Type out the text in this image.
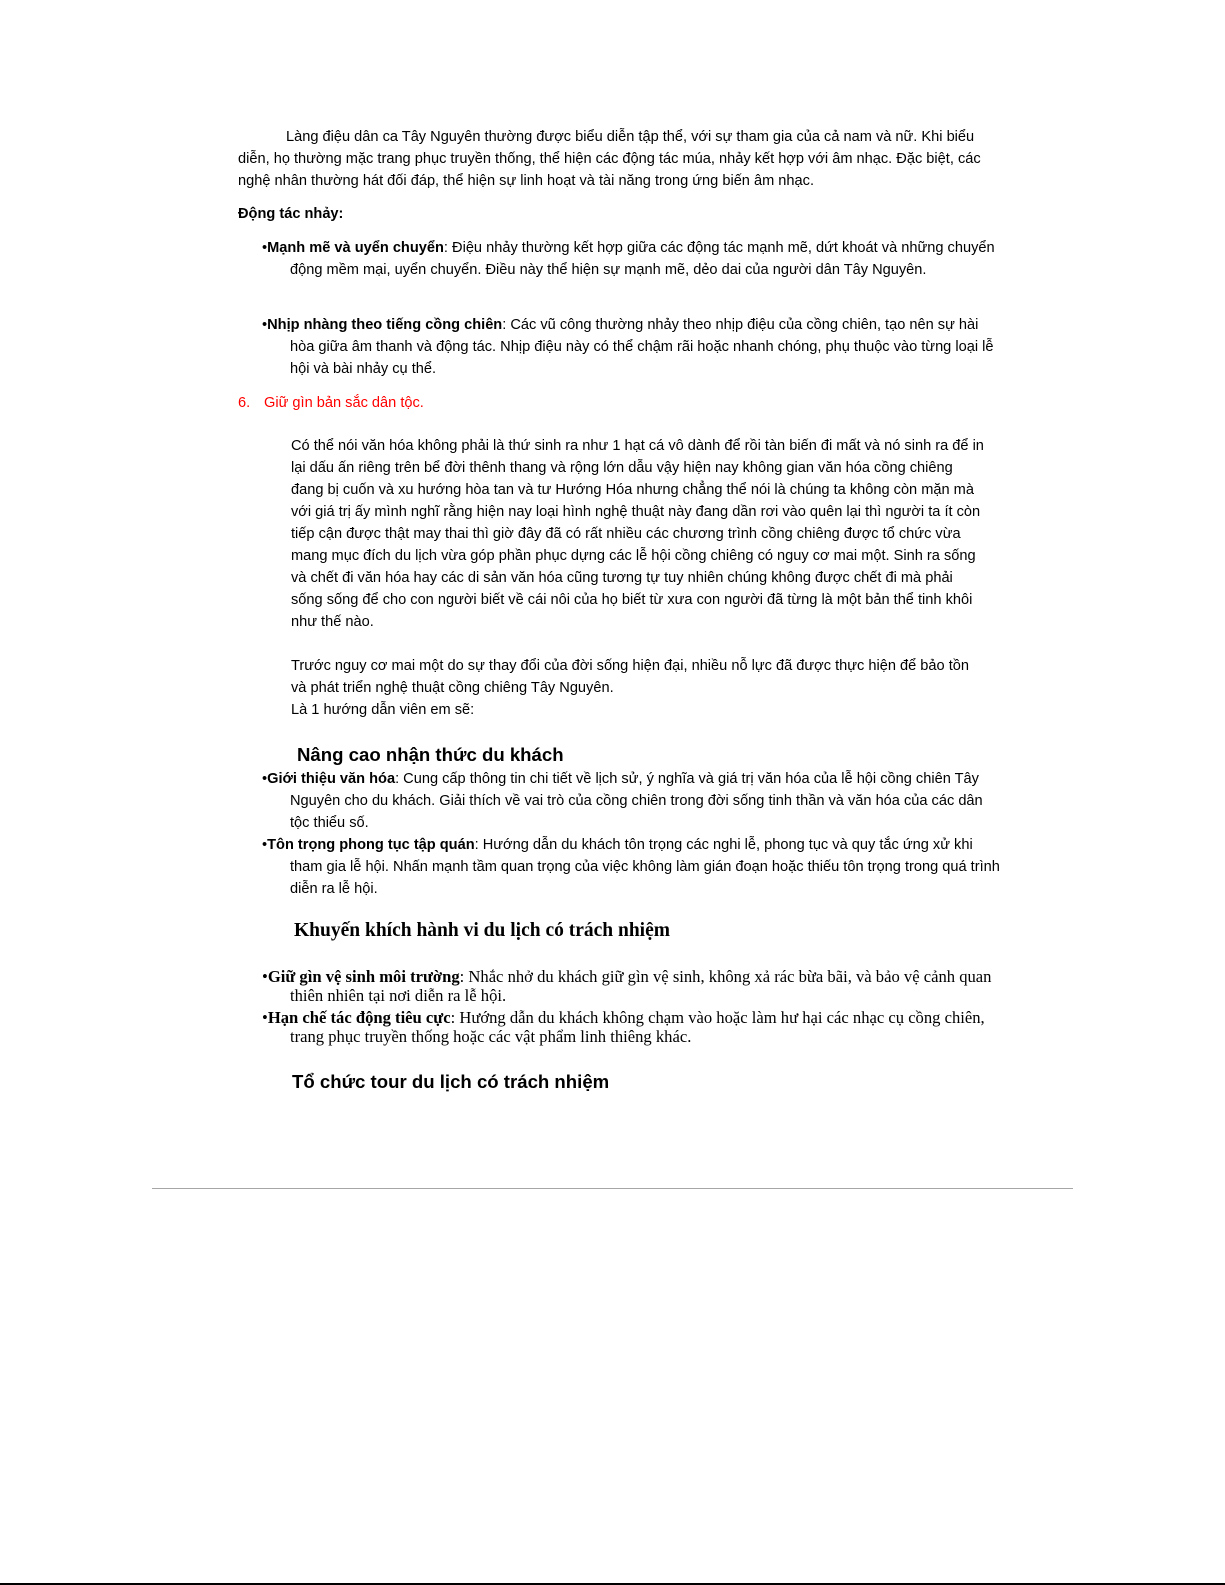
Làng điệu dân ca Tây Nguyên thường được biểu diễn tập thể, với sự tham gia của cả nam và nữ. Khi biểu diễn, họ thường mặc trang phục truyền thống, thể hiện các động tác múa, nhảy kết hợp với âm nhạc. Đặc biệt, các nghệ nhân thường hát đối đáp, thể hiện sự linh hoạt và tài năng trong ứng biến âm nhạc.
Động tác nhảy:
•Mạnh mẽ và uyển chuyển: Điệu nhảy thường kết hợp giữa các động tác mạnh mẽ, dứt khoát và những chuyển động mềm mại, uyển chuyển. Điều này thể hiện sự mạnh mẽ, dẻo dai của người dân Tây Nguyên.
•Nhịp nhàng theo tiếng cồng chiên: Các vũ công thường nhảy theo nhịp điệu của cồng chiên, tạo nên sự hài hòa giữa âm thanh và động tác. Nhịp điệu này có thể chậm rãi hoặc nhanh chóng, phụ thuộc vào từng loại lễ hội và bài nhảy cụ thể.
6. Giữ gìn bản sắc dân tộc.
Có thể nói văn hóa không phải là thứ sinh ra như 1 hạt cá vô dành để rồi tàn biến đi mất và nó sinh ra để in lại dấu ấn riêng trên bể đời thênh thang và rộng lớn dẫu vậy hiện nay không gian văn hóa cồng chiêng đang bị cuốn và xu hướng hòa tan và tư Hướng Hóa nhưng chẳng thể nói là chúng ta không còn mặn mà với giá trị ấy mình nghĩ rằng hiện nay loại hình nghệ thuật này đang dần rơi vào quên lại thì người ta ít còn tiếp cận được thật may thai thì giờ đây đã có rất nhiều các chương trình cồng chiêng được tổ chức vừa mang mục đích du lịch vừa góp phần phục dựng các lễ hội cồng chiêng có nguy cơ mai một. Sinh ra sống và chết đi văn hóa hay các di sản văn hóa cũng tương tự tuy nhiên chúng không được chết đi mà phải sống sống để cho con người biết về cái nôi của họ biết từ xưa con người đã từng là một bản thể tinh khôi như thế nào.
Trước nguy cơ mai một do sự thay đổi của đời sống hiện đại, nhiều nỗ lực đã được thực hiện để bảo tồn và phát triển nghệ thuật cồng chiêng Tây Nguyên.
Là 1 hướng dẫn viên em sẽ:
Nâng cao nhận thức du khách
•Giới thiệu văn hóa: Cung cấp thông tin chi tiết về lịch sử, ý nghĩa và giá trị văn hóa của lễ hội cồng chiên Tây Nguyên cho du khách. Giải thích về vai trò của cồng chiên trong đời sống tinh thần và văn hóa của các dân tộc thiểu số.
•Tôn trọng phong tục tập quán: Hướng dẫn du khách tôn trọng các nghi lễ, phong tục và quy tắc ứng xử khi tham gia lễ hội. Nhấn mạnh tầm quan trọng của việc không làm gián đoạn hoặc thiếu tôn trọng trong quá trình diễn ra lễ hội.
Khuyến khích hành vi du lịch có trách nhiệm
•Giữ gìn vệ sinh môi trường: Nhắc nhở du khách giữ gìn vệ sinh, không xả rác bừa bãi, và bảo vệ cảnh quan thiên nhiên tại nơi diễn ra lễ hội.
•Hạn chế tác động tiêu cực: Hướng dẫn du khách không chạm vào hoặc làm hư hại các nhạc cụ cồng chiên, trang phục truyền thống hoặc các vật phẩm linh thiêng khác.
Tổ chức tour du lịch có trách nhiệm
